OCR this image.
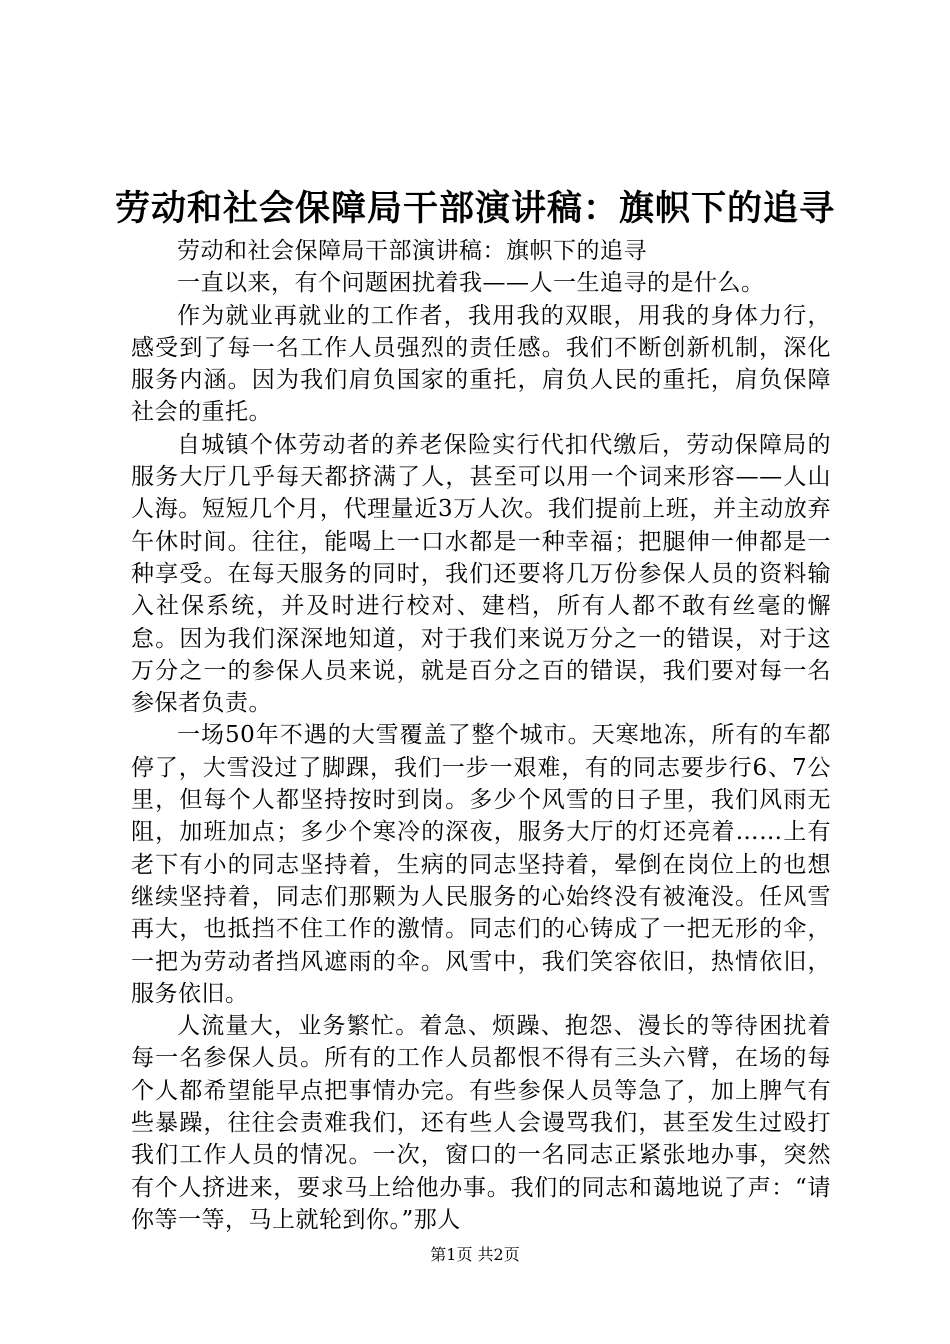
劳动和社会保障局干部演讲稿：旗帜下的追寻

劳动和社会保障局干部演讲稿：旗帜下的追寻

一直以来，有个问题困扰着我——人一生追寻的是什么。

作为就业再就业的工作者，我用我的双眼，用我的身体力行，感受到了每一名工作人员强烈的责任感。我们不断创新机制，深化服务内涵。因为我们肩负国家的重托，肩负人民的重托，肩负保障社会的重托。

自城镇个体劳动者的养老保险实行代扣代缴后，劳动保障局的服务大厅几乎每天都挤满了人，甚至可以用一个词来形容——人山人海。短短几个月，代理量近3万人次。我们提前上班，并主动放弃午休时间。往往，能喝上一口水都是一种幸福；把腿伸一伸都是一种享受。在每天服务的同时，我们还要将几万份参保人员的资料输入社保系统，并及时进行校对、建档，所有人都不敢有丝毫的懈怠。因为我们深深地知道，对于我们来说万分之一的错误，对于这万分之一的参保人员来说，就是百分之百的错误，我们要对每一名参保者负责。

一场50年不遇的大雪覆盖了整个城市。天寒地冻，所有的车都停了，大雪没过了脚踝，我们一步一艰难，有的同志要步行6、7公里，但每个人都坚持按时到岗。多少个风雪的日子里，我们风雨无阻，加班加点；多少个寒冷的深夜，服务大厅的灯还亮着……上有老下有小的同志坚持着，生病的同志坚持着，晕倒在岗位上的也想继续坚持着，同志们那颗为人民服务的心始终没有被淹没。任风雪再大，也抵挡不住工作的激情。同志们的心铸成了一把无形的伞，一把为劳动者挡风遮雨的伞。风雪中，我们笑容依旧，热情依旧，服务依旧。

人流量大，业务繁忙。着急、烦躁、抱怨、漫长的等待困扰着每一名参保人员。所有的工作人员都恨不得有三头六臂，在场的每个人都希望能早点把事情办完。有些参保人员等急了，加上脾气有些暴躁，往往会责难我们，还有些人会谩骂我们，甚至发生过殴打我们工作人员的情况。一次，窗口的一名同志正紧张地办事，突然有个人挤进来，要求马上给他办事。我们的同志和蔼地说了声：“请你等一等，马上就轮到你。”那人

第1页 共2页
